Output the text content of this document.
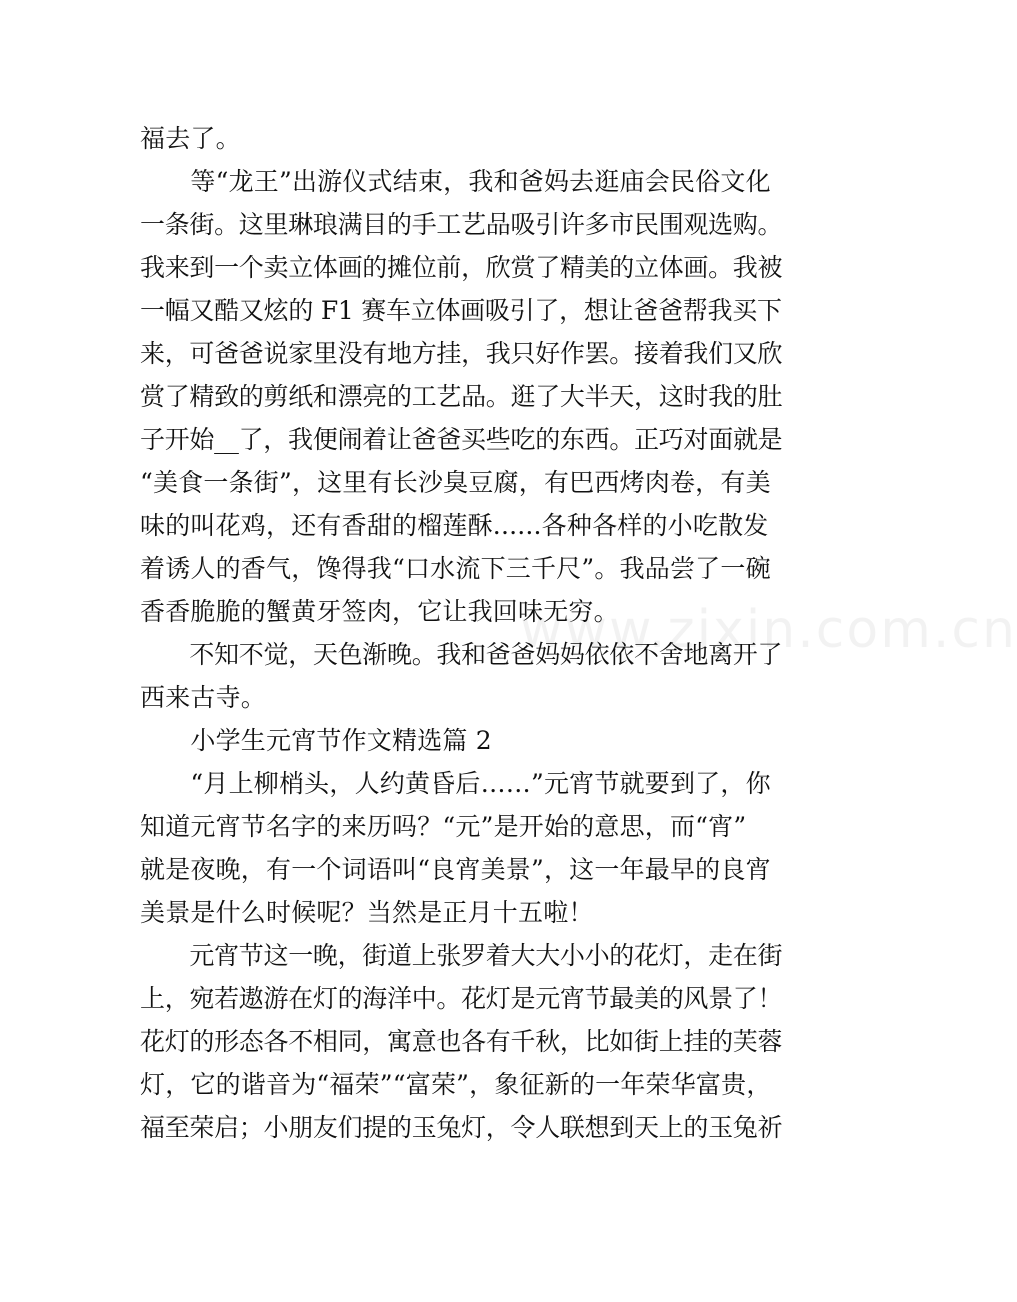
福去了。
　　等“龙王”出游仪式结束，我和爸妈去逛庙会民俗文化
一条街。这里琳琅满目的手工艺品吸引许多市民围观选购。
我来到一个卖立体画的摊位前，欣赏了精美的立体画。我被
一幅又酷又炫的 F1 赛车立体画吸引了，想让爸爸帮我买下
来，可爸爸说家里没有地方挂，我只好作罢。接着我们又欣
赏了精致的剪纸和漂亮的工艺品。逛了大半天，这时我的肚
子开始__了，我便闹着让爸爸买些吃的东西。正巧对面就是
“美食一条街”，这里有长沙臭豆腐，有巴西烤肉卷，有美
味的叫花鸡，还有香甜的榴莲酥......各种各样的小吃散发
着诱人的香气，馋得我“口水流下三千尺”。我品尝了一碗
香香脆脆的蟹黄牙签肉，它让我回味无穷。
　　不知不觉，天色渐晚。我和爸爸妈妈依依不舍地离开了
西来古寺。
　　小学生元宵节作文精选篇 2
　　“月上柳梢头，人约黄昏后……”元宵节就要到了，你
知道元宵节名字的来历吗？“元”是开始的意思，而“宵”
就是夜晚，有一个词语叫“良宵美景”，这一年最早的良宵
美景是什么时候呢？当然是正月十五啦！
　　元宵节这一晚，街道上张罗着大大小小的花灯，走在街
上，宛若遨游在灯的海洋中。花灯是元宵节最美的风景了！
花灯的形态各不相同，寓意也各有千秋，比如街上挂的芙蓉
灯，它的谐音为“福荣”“富荣”，象征新的一年荣华富贵，
福至荣启；小朋友们提的玉兔灯，令人联想到天上的玉兔祈
www.zixin.com.cn
